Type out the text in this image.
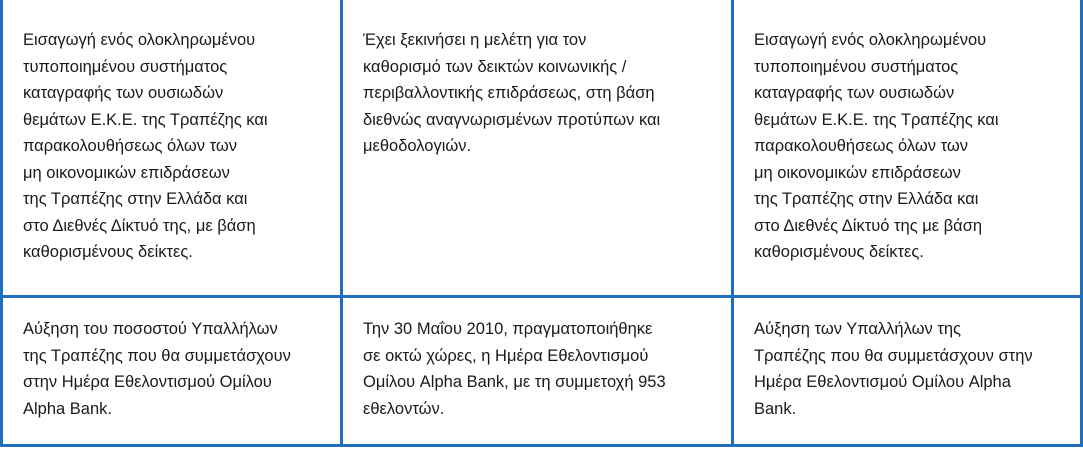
Εισαγωγή ενός ολοκληρωμένου
τυποποιημένου συστήματος
καταγραφής των ουσιωδών
θεμάτων Ε.Κ.Ε. της Τραπέζης και
παρακολουθήσεως όλων των
μη οικονομικών επιδράσεων
της Τραπέζης στην Ελλάδα και
στο Διεθνές Δίκτυό της, με βάση
καθορισμένους δείκτες.
Έχει ξεκινήσει η μελέτη για τον
καθορισμό των δεικτών κοινωνικής /
περιβαλλοντικής επιδράσεως, στη βάση
διεθνώς αναγνωρισμένων προτύπων και
μεθοδολογιών.
Εισαγωγή ενός ολοκληρωμένου
τυποποιημένου συστήματος
καταγραφής των ουσιωδών
θεμάτων Ε.Κ.Ε. της Τραπέζης και
παρακολουθήσεως όλων των
μη οικονομικών επιδράσεων
της Τραπέζης στην Ελλάδα και
στο Διεθνές Δίκτυό της με βάση
καθορισμένους δείκτες.
Αύξηση του ποσοστού Υπαλλήλων
της Τραπέζης που θα συμμετάσχουν
στην Ημέρα Εθελοντισμού Ομίλου
Alpha Bank.
Την 30 Μαΐου 2010, πραγματοποιήθηκε
σε οκτώ χώρες, η Ημέρα Εθελοντισμού
Ομίλου Alpha Bank, με τη συμμετοχή 953
εθελοντών.
Αύξηση των Υπαλλήλων της
Τραπέζης που θα συμμετάσχουν στην
Ημέρα Εθελοντισμού Ομίλου Alpha
Bank.
